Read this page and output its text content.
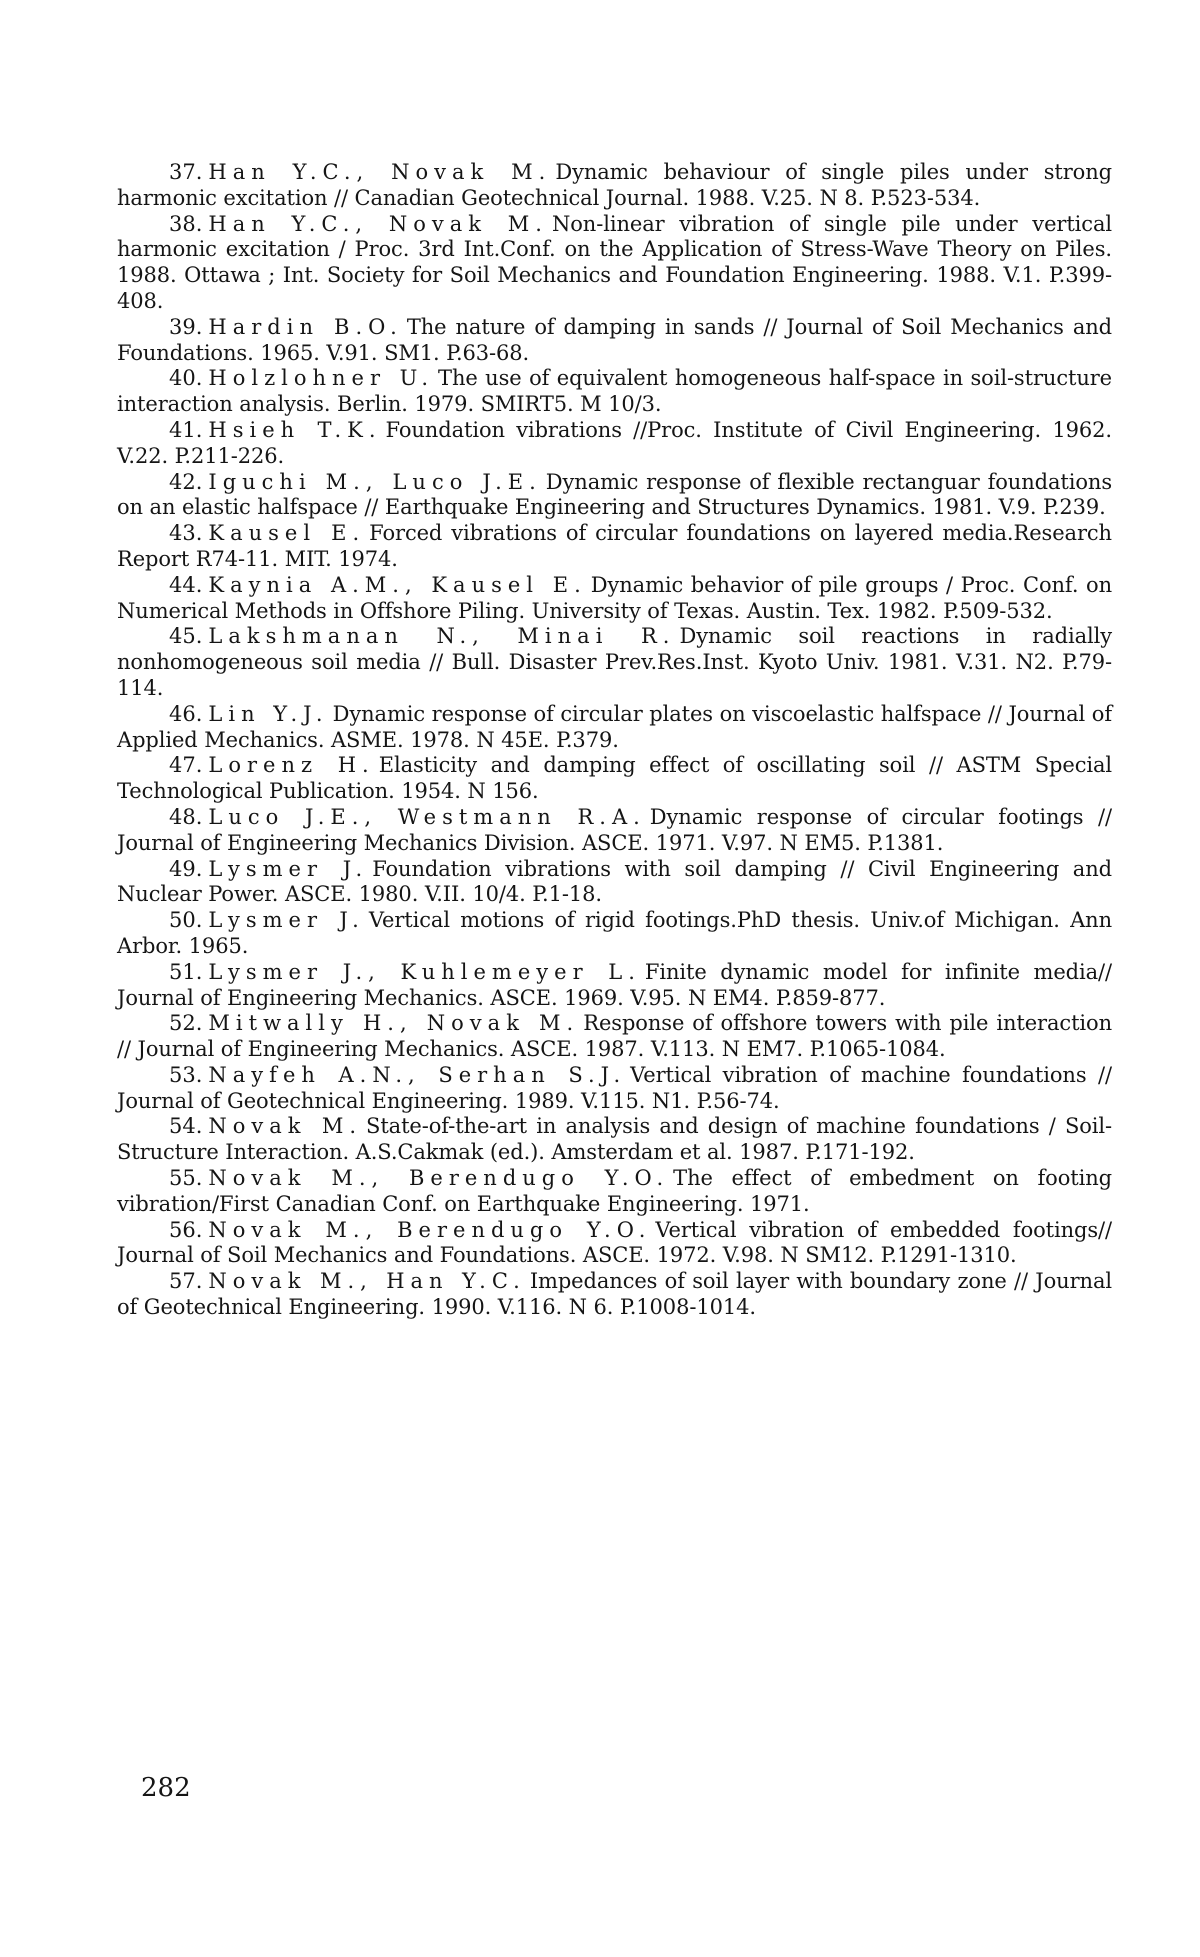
37. Han Y.C., Novak M. Dynamic behaviour of single piles under strong harmonic excitation // Canadian Geotechnical Journal. 1988. V.25. N 8. P.523-534.
38. Han Y.C., Novak M. Non-linear vibration of single pile under vertical harmonic excitation / Proc. 3rd Int.Conf. on the Application of Stress-Wave Theory on Piles. 1988. Ottawa ; Int. Society for Soil Mechanics and Foundation Engineering. 1988. V.1. P.399-408.
39. Hardin B.O. The nature of damping in sands // Journal of Soil Mechanics and Foundations. 1965. V.91. SM1. P.63-68.
40. Holzlohner U. The use of equivalent homogeneous half-space in soil-structure interaction analysis. Berlin. 1979. SMIRT5. M 10/3.
41. Hsieh T.K. Foundation vibrations //Proc. Institute of Civil Engineering. 1962. V.22. P.211-226.
42. Iguchi M., Luco J.E. Dynamic response of flexible rectanguar foundations on an elastic halfspace // Earthquake Engineering and Structures Dynamics. 1981. V.9. P.239.
43. Kausel E. Forced vibrations of circular foundations on layered media.Research Report R74-11. MIT. 1974.
44. Kaynia A.M., Kausel E. Dynamic behavior of pile groups / Proc. Conf. on Numerical Methods in Offshore Piling. University of Texas. Austin. Tex. 1982. P.509-532.
45. Lakshmanan N., Minai R. Dynamic soil reactions in radially nonhomogeneous soil media // Bull. Disaster Prev.Res.Inst. Kyoto Univ. 1981. V.31. N2. P.79-114.
46. Lin Y.J. Dynamic response of circular plates on viscoelastic halfspace // Journal of Applied Mechanics. ASME. 1978. N 45E. P.379.
47. Lorenz H. Elasticity and damping effect of oscillating soil // ASTM Special Technological Publication. 1954. N 156.
48. Luco J.E., Westmann R.A. Dynamic response of circular footings // Journal of Engineering Mechanics Division. ASCE. 1971. V.97. N EM5. P.1381.
49. Lysmer J. Foundation vibrations with soil damping // Civil Engineering and Nuclear Power. ASCE. 1980. V.II. 10/4. P.1-18.
50. Lysmer J. Vertical motions of rigid footings.PhD thesis. Univ.of Michigan. Ann Arbor. 1965.
51. Lysmer J., Kuhlemeyer L. Finite dynamic model for infinite media// Journal of Engineering Mechanics. ASCE. 1969. V.95. N EM4. P.859-877.
52. Mitwally H., Novak M. Response of offshore towers with pile interaction // Journal of Engineering Mechanics. ASCE. 1987. V.113. N EM7. P.1065-1084.
53. Nayfeh A.N., Serhan S.J. Vertical vibration of machine foundations // Journal of Geotechnical Engineering. 1989. V.115. N1. P.56-74.
54. Novak M. State-of-the-art in analysis and design of machine foundations / Soil-Structure Interaction. A.S.Cakmak (ed.). Amsterdam et al. 1987. P.171-192.
55. Novak M., Berendugo Y.O. The effect of embedment on footing vibration/First Canadian Conf. on Earthquake Engineering. 1971.
56. Novak M., Berendugo Y.O. Vertical vibration of embedded footings// Journal of Soil Mechanics and Foundations. ASCE. 1972. V.98. N SM12. P.1291-1310.
57. Novak M., Han Y.C. Impedances of soil layer with boundary zone // Journal of Geotechnical Engineering. 1990. V.116. N 6. P.1008-1014.
282
